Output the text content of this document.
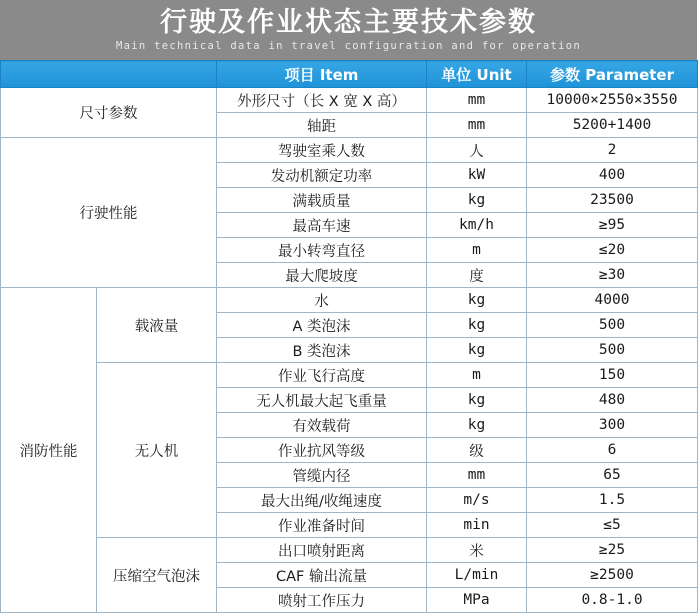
行驶及作业状态主要技术参数
Main technical data in travel configuration and for operation
		项目 Item	单位 Unit	参数 Parameter
尺寸参数		外形尺寸（长 X 宽 X 高）	mm	10000×2550×3550
		轴距	mm	5200+1400
行驶性能		驾驶室乘人数	人	2
		发动机额定功率	kW	400
		满载质量	kg	23500
		最高车速	km/h	≥95
		最小转弯直径	m	≤20
		最大爬坡度	度	≥30
消防性能	载液量	水	kg	4000
		A 类泡沫	kg	500
		B 类泡沫	kg	500
	无人机	作业飞行高度	m	150
		无人机最大起飞重量	kg	480
		有效载荷	kg	300
		作业抗风等级	级	6
		管缆内径	mm	65
		最大出绳/收绳速度	m/s	1.5
		作业准备时间	min	≤5
	压缩空气泡沫	出口喷射距离	米	≥25
		CAF 输出流量	L/min	≥2500
		喷射工作压力	MPa	0.8-1.0
